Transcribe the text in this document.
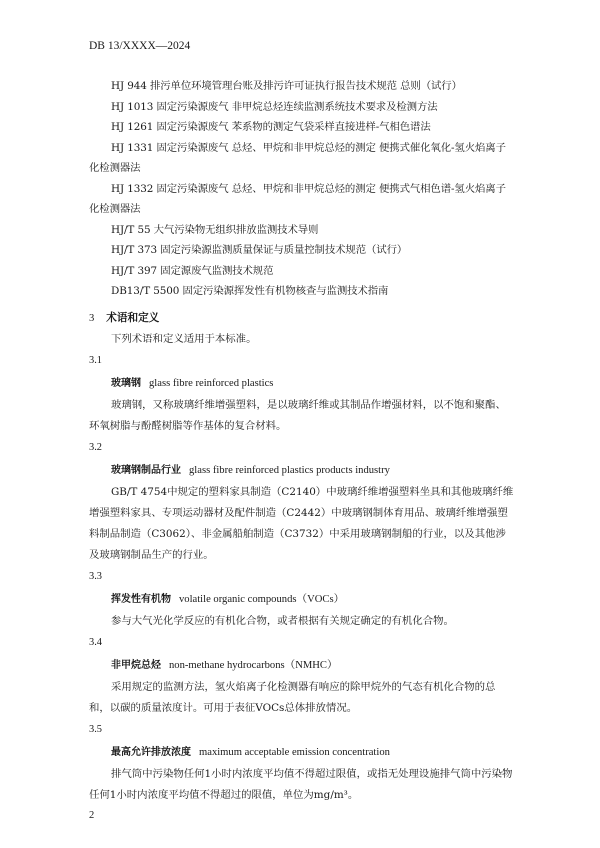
DB 13/XXXX—2024
HJ 944 排污单位环境管理台账及排污许可证执行报告技术规范 总则（试行）
HJ 1013 固定污染源废气 非甲烷总烃连续监测系统技术要求及检测方法
HJ 1261 固定污染源废气 苯系物的测定气袋采样直接进样-气相色谱法
HJ 1331 固定污染源废气 总烃、甲烷和非甲烷总烃的测定 便携式催化氧化-氢火焰离子
化检测器法
HJ 1332 固定污染源废气 总烃、甲烷和非甲烷总烃的测定 便携式气相色谱-氢火焰离子
化检测器法
HJ/T 55 大气污染物无组织排放监测技术导则
HJ/T 373 固定污染源监测质量保证与质量控制技术规范（试行）
HJ/T 397 固定源废气监测技术规范
DB13/T 5500 固定污染源挥发性有机物核查与监测技术指南
3 术语和定义
下列术语和定义适用于本标准。
3.1
玻璃钢 glass fibre reinforced plastics
玻璃钢，又称玻璃纤维增强塑料，是以玻璃纤维或其制品作增强材料，以不饱和聚酯、环氧树脂与酚醛树脂等作基体的复合材料。
3.2
玻璃钢制品行业 glass fibre reinforced plastics products industry
GB/T 4754中规定的塑料家具制造（C2140）中玻璃纤维增强塑料坐具和其他玻璃纤维增强塑料家具、专项运动器材及配件制造（C2442）中玻璃钢制体育用品、玻璃纤维增强塑料制品制造（C3062）、非金属船舶制造（C3732）中采用玻璃钢制船的行业，以及其他涉及玻璃钢制品生产的行业。
3.3
挥发性有机物 volatile organic compounds（VOCs）
参与大气光化学反应的有机化合物，或者根据有关规定确定的有机化合物。
3.4
非甲烷总烃 non-methane hydrocarbons（NMHC）
采用规定的监测方法，氢火焰离子化检测器有响应的除甲烷外的气态有机化合物的总和，以碳的质量浓度计。可用于表征VOCs总体排放情况。
3.5
最高允许排放浓度 maximum acceptable emission concentration
排气筒中污染物任何1小时内浓度平均值不得超过限值，或指无处理设施排气筒中污染物任何1小时内浓度平均值不得超过的限值，单位为mg/m³。
2
